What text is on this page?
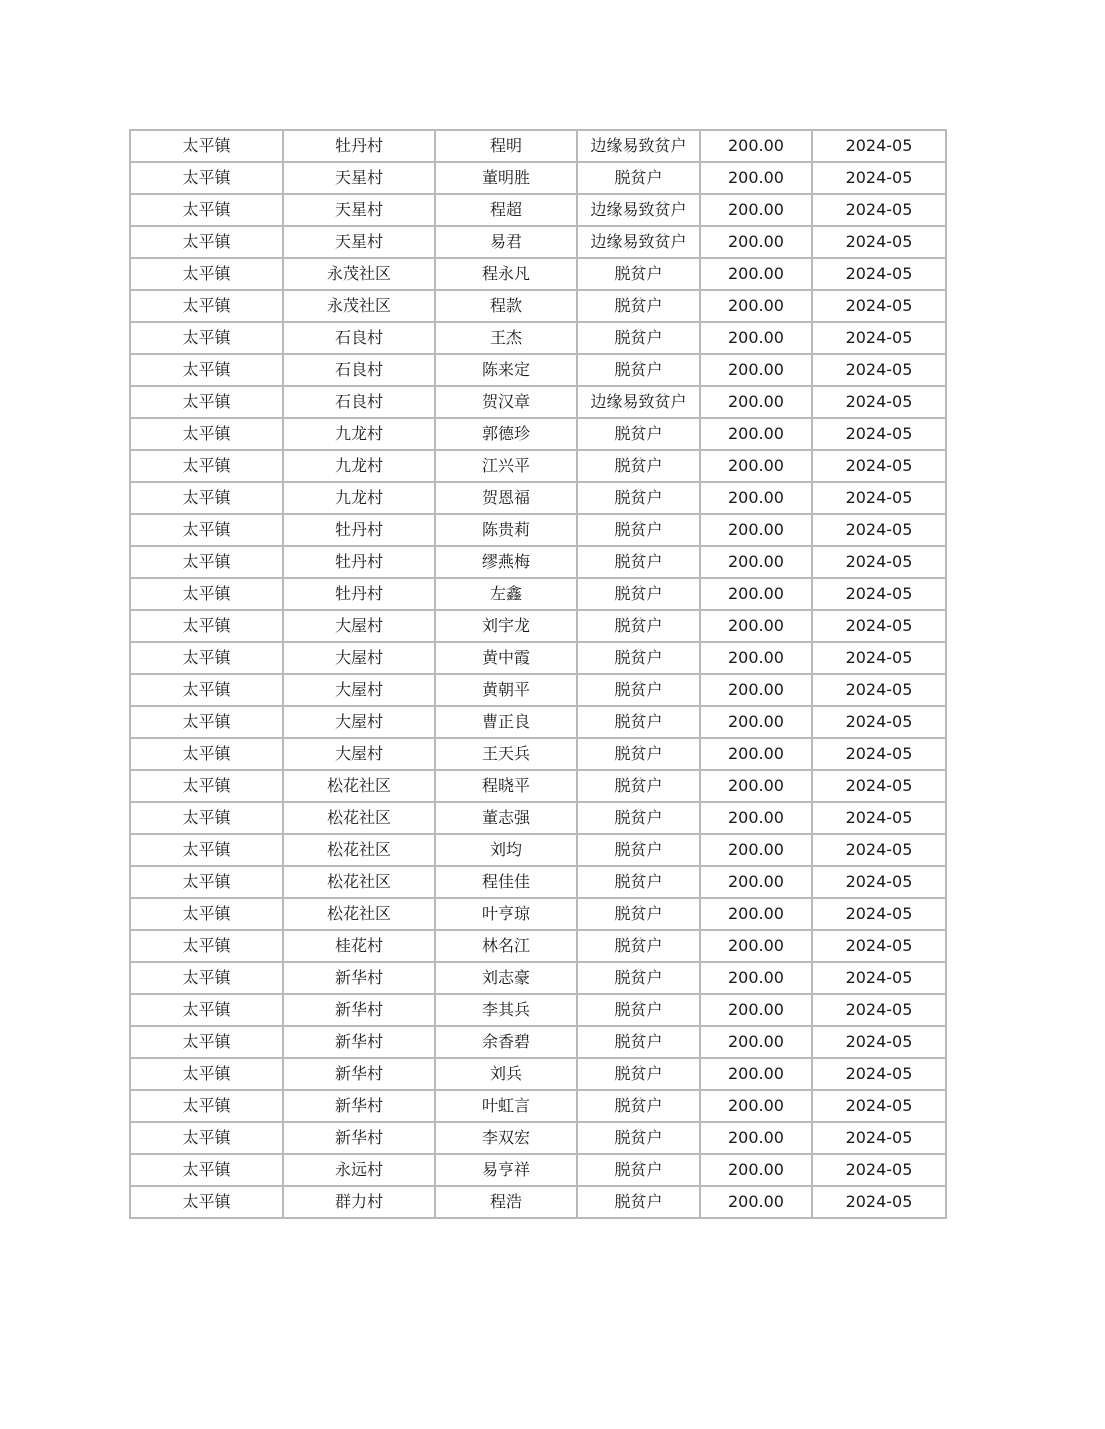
太平镇	牡丹村	程明	边缘易致贫户	200.00	2024-05
太平镇	天星村	董明胜	脱贫户	200.00	2024-05
太平镇	天星村	程超	边缘易致贫户	200.00	2024-05
太平镇	天星村	易君	边缘易致贫户	200.00	2024-05
太平镇	永茂社区	程永凡	脱贫户	200.00	2024-05
太平镇	永茂社区	程款	脱贫户	200.00	2024-05
太平镇	石良村	王杰	脱贫户	200.00	2024-05
太平镇	石良村	陈来定	脱贫户	200.00	2024-05
太平镇	石良村	贺汉章	边缘易致贫户	200.00	2024-05
太平镇	九龙村	郭德珍	脱贫户	200.00	2024-05
太平镇	九龙村	江兴平	脱贫户	200.00	2024-05
太平镇	九龙村	贺恩福	脱贫户	200.00	2024-05
太平镇	牡丹村	陈贵莉	脱贫户	200.00	2024-05
太平镇	牡丹村	缪燕梅	脱贫户	200.00	2024-05
太平镇	牡丹村	左鑫	脱贫户	200.00	2024-05
太平镇	大屋村	刘宇龙	脱贫户	200.00	2024-05
太平镇	大屋村	黄中霞	脱贫户	200.00	2024-05
太平镇	大屋村	黄朝平	脱贫户	200.00	2024-05
太平镇	大屋村	曹正良	脱贫户	200.00	2024-05
太平镇	大屋村	王天兵	脱贫户	200.00	2024-05
太平镇	松花社区	程晓平	脱贫户	200.00	2024-05
太平镇	松花社区	董志强	脱贫户	200.00	2024-05
太平镇	松花社区	刘均	脱贫户	200.00	2024-05
太平镇	松花社区	程佳佳	脱贫户	200.00	2024-05
太平镇	松花社区	叶亨琼	脱贫户	200.00	2024-05
太平镇	桂花村	林名江	脱贫户	200.00	2024-05
太平镇	新华村	刘志豪	脱贫户	200.00	2024-05
太平镇	新华村	李其兵	脱贫户	200.00	2024-05
太平镇	新华村	余香碧	脱贫户	200.00	2024-05
太平镇	新华村	刘兵	脱贫户	200.00	2024-05
太平镇	新华村	叶虹言	脱贫户	200.00	2024-05
太平镇	新华村	李双宏	脱贫户	200.00	2024-05
太平镇	永远村	易亨祥	脱贫户	200.00	2024-05
太平镇	群力村	程浩	脱贫户	200.00	2024-05
